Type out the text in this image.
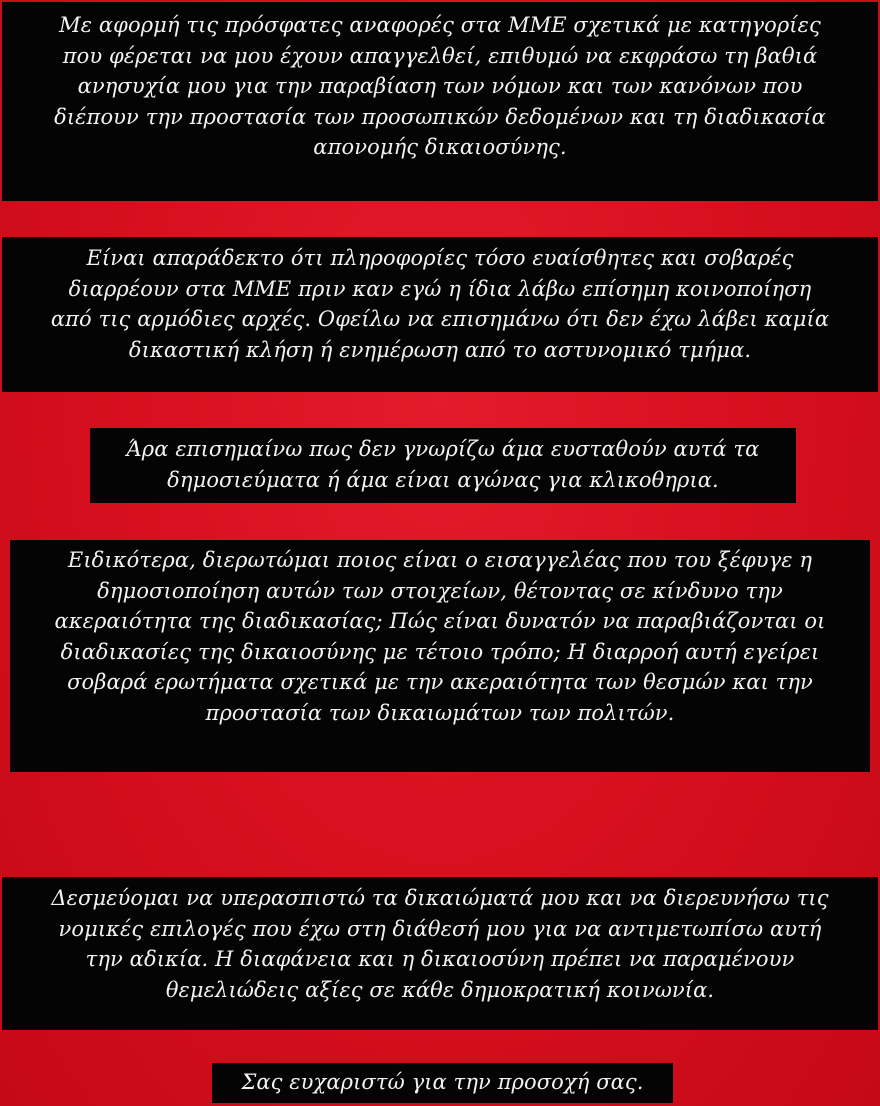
Με αφορμή τις πρόσφατες αναφορές στα ΜΜΕ σχετικά με κατηγορίες
που φέρεται να μου έχουν απαγγελθεί, επιθυμώ να εκφράσω τη βαθιά
ανησυχία μου για την παραβίαση των νόμων και των κανόνων που
διέπουν την προστασία των προσωπικών δεδομένων και τη διαδικασία
απονομής δικαιοσύνης.
Είναι απαράδεκτο ότι πληροφορίες τόσο ευαίσθητες και σοβαρές
διαρρέουν στα ΜΜΕ πριν καν εγώ η ίδια λάβω επίσημη κοινοποίηση
από τις αρμόδιες αρχές. Οφείλω να επισημάνω ότι δεν έχω λάβει καμία
δικαστική κλήση ή ενημέρωση από το αστυνομικό τμήμα.
Άρα επισημαίνω πως δεν γνωρίζω άμα ευσταθούν αυτά τα
δημοσιεύματα ή άμα είναι αγώνας για κλικοθηρια.
Ειδικότερα, διερωτώμαι ποιος είναι ο εισαγγελέας που του ξέφυγε η
δημοσιοποίηση αυτών των στοιχείων, θέτοντας σε κίνδυνο την
ακεραιότητα της διαδικασίας; Πώς είναι δυνατόν να παραβιάζονται οι
διαδικασίες της δικαιοσύνης με τέτοιο τρόπο; Η διαρροή αυτή εγείρει
σοβαρά ερωτήματα σχετικά με την ακεραιότητα των θεσμών και την
προστασία των δικαιωμάτων των πολιτών.
Δεσμεύομαι να υπερασπιστώ τα δικαιώματά μου και να διερευνήσω τις
νομικές επιλογές που έχω στη διάθεσή μου για να αντιμετωπίσω αυτή
την αδικία. Η διαφάνεια και η δικαιοσύνη πρέπει να παραμένουν
θεμελιώδεις αξίες σε κάθε δημοκρατική κοινωνία.
Σας ευχαριστώ για την προσοχή σας.
